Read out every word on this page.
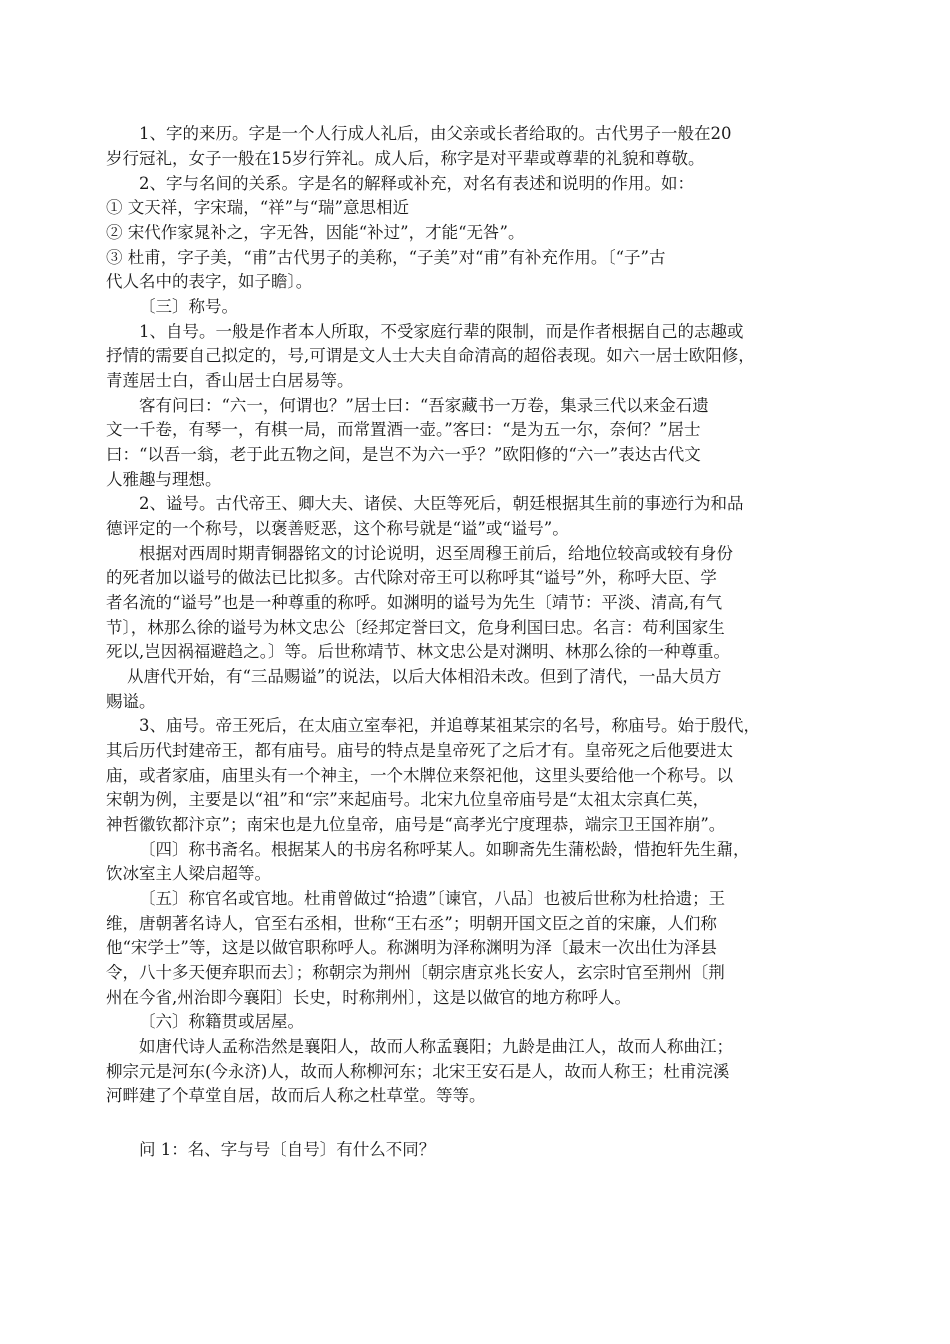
1、字的来历。字是一个人行成人礼后，由父亲或长者给取的。古代男子一般在20

岁行冠礼，女子一般在15岁行笄礼。成人后，称字是对平辈或尊辈的礼貌和尊敬。

2、字与名间的关系。字是名的解释或补充，对名有表述和说明的作用。如：

① 文天祥，字宋瑞，“祥”与“瑞”意思相近

② 宋代作家晁补之，字无咎，因能“补过”，才能“无咎”。

③ 杜甫，字子美，“甫”古代男子的美称，“子美”对“甫”有补充作用。〔“子”古

代人名中的表字，如子瞻〕。

〔三〕称号。

1、自号。一般是作者本人所取，不受家庭行辈的限制，而是作者根据自己的志趣或

抒情的需要自己拟定的，号,可谓是文人士大夫自命清高的超俗表现。如六一居士欧阳修，

青莲居士白，香山居士白居易等。

客有问曰：“六一，何谓也？”居士曰：“吾家藏书一万卷，集录三代以来金石遗

文一千卷，有琴一，有棋一局，而常置酒一壶。”客曰：“是为五一尔，奈何？”居士

曰：“以吾一翁，老于此五物之间，是岂不为六一乎？”欧阳修的“六一”表达古代文

人雅趣与理想。

2、谥号。古代帝王、卿大夫、诸侯、大臣等死后，朝廷根据其生前的事迹行为和品

德评定的一个称号，以褒善贬恶，这个称号就是“谥”或“谥号”。

根据对西周时期青铜器铭文的讨论说明，迟至周穆王前后，给地位较高或较有身份

的死者加以谥号的做法已比拟多。古代除对帝王可以称呼其“谥号”外，称呼大臣、学

者名流的“谥号”也是一种尊重的称呼。如渊明的谥号为先生〔靖节：平淡、清高,有气

节〕，林那么徐的谥号为林文忠公〔经邦定誉曰文，危身利国曰忠。名言：苟利国家生

死以,岂因祸福避趋之。〕等。后世称靖节、林文忠公是对渊明、林那么徐的一种尊重。

从唐代开始，有“三品赐谥”的说法，以后大体相沿未改。但到了清代，一品大员方

赐谥。

3、庙号。帝王死后，在太庙立室奉祀，并追尊某祖某宗的名号，称庙号。始于殷代，

其后历代封建帝王，都有庙号。庙号的特点是皇帝死了之后才有。皇帝死之后他要进太

庙，或者家庙，庙里头有一个神主，一个木牌位来祭祀他，这里头要给他一个称号。以

宋朝为例，主要是以“祖”和“宗”来起庙号。北宋九位皇帝庙号是“太祖太宗真仁英，

神哲徽钦都汴京”；南宋也是九位皇帝，庙号是“高孝光宁度理恭，端宗卫王国祚崩”。

〔四〕称书斋名。根据某人的书房名称呼某人。如聊斋先生蒲松龄，惜抱轩先生鼐，

饮冰室主人梁启超等。

〔五〕称官名或官地。杜甫曾做过“拾遗”〔谏官，八品〕也被后世称为杜拾遗；王

维，唐朝著名诗人，官至右丞相，世称“王右丞”；明朝开国文臣之首的宋廉，人们称

他“宋学士”等，这是以做官职称呼人。称渊明为泽称渊明为泽〔最末一次出仕为泽县

令，八十多天便弃职而去〕；称朝宗为荆州〔朝宗唐京兆长安人，玄宗时官至荆州〔荆

州在今省,州治即今襄阳〕长史，时称荆州〕，这是以做官的地方称呼人。

〔六〕称籍贯或居屋。

如唐代诗人孟称浩然是襄阳人，故而人称孟襄阳；九龄是曲江人，故而人称曲江；

柳宗元是河东(今永济)人，故而人称柳河东；北宋王安石是人，故而人称王；杜甫浣溪

河畔建了个草堂自居，故而后人称之杜草堂。等等。

问 1：名、字与号〔自号〕有什么不同？
